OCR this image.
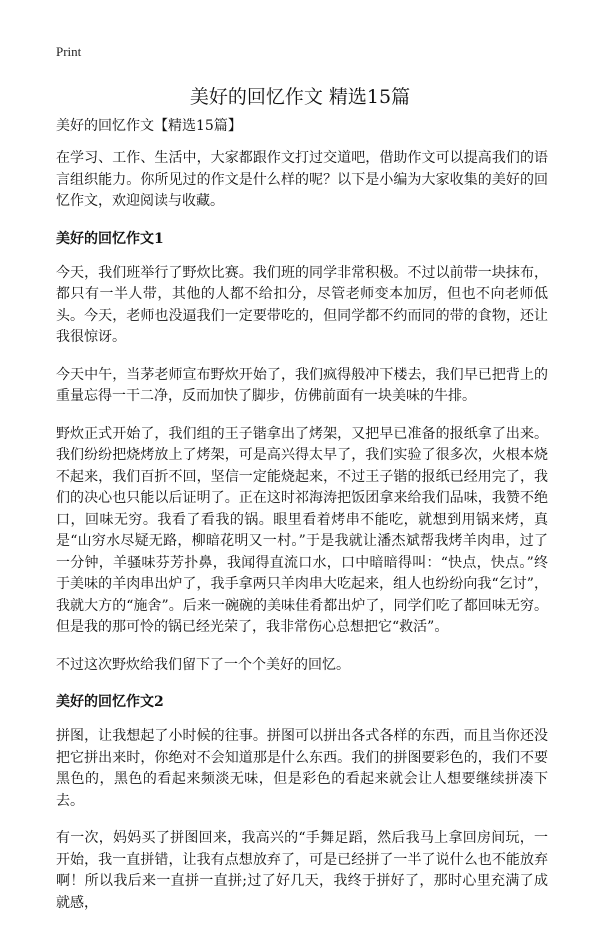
Print
美好的回忆作文 精选15篇
美好的回忆作文【精选15篇】

在学习、工作、生活中，大家都跟作文打过交道吧，借助作文可以提高我们的语言组织能力。你所见过的作文是什么样的呢？以下是小编为大家收集的美好的回忆作文，欢迎阅读与收藏。

美好的回忆作文1

今天，我们班举行了野炊比赛。我们班的同学非常积极。不过以前带一块抹布，都只有一半人带，其他的人都不给扣分，尽管老师变本加厉，但也不向老师低头。今天，老师也没逼我们一定要带吃的，但同学都不约而同的带的食物，还让我很惊讶。

今天中午，当茅老师宣布野炊开始了，我们疯得般冲下楼去，我们早已把背上的重量忘得一干二净，反而加快了脚步，仿佛前面有一块美味的牛排。

野炊正式开始了，我们组的王子锴拿出了烤架，又把早已准备的报纸拿了出来。我们纷纷把烧烤放上了烤架，可是高兴得太早了，我们实验了很多次，火根本烧不起来，我们百折不回，坚信一定能烧起来，不过王子锴的报纸已经用完了，我们的决心也只能以后证明了。正在这时祁海涛把饭团拿来给我们品味，我赞不绝口，回味无穷。我看了看我的锅。眼里看着烤串不能吃，就想到用锅来烤，真是“山穷水尽疑无路，柳暗花明又一村。”于是我就让潘杰斌帮我烤羊肉串，过了一分钟，羊骚味芬芳扑鼻，我闻得直流口水，口中暗暗得叫：“快点，快点。”终于美味的羊肉串出炉了，我手拿两只羊肉串大吃起来，组人也纷纷向我“乞讨”，我就大方的“施舍”。后来一碗碗的美味佳肴都出炉了，同学们吃了都回味无穷。但是我的那可怜的锅已经光荣了，我非常伤心总想把它“救活”。

不过这次野炊给我们留下了一个个美好的回忆。

美好的回忆作文2

拼图，让我想起了小时候的往事。拼图可以拼出各式各样的东西，而且当你还没把它拼出来时，你绝对不会知道那是什么东西。我们的拼图要彩色的，我们不要黑色的，黑色的看起来频淡无味，但是彩色的看起来就会让人想要继续拼凑下去。

有一次，妈妈买了拼图回来，我高兴的“手舞足蹈，然后我马上拿回房间玩，一开始，我一直拼错，让我有点想放弃了，可是已经拼了一半了说什么也不能放弃啊！所以我后来一直拼一直拼;过了好几天，我终于拼好了，那时心里充满了成就感，
